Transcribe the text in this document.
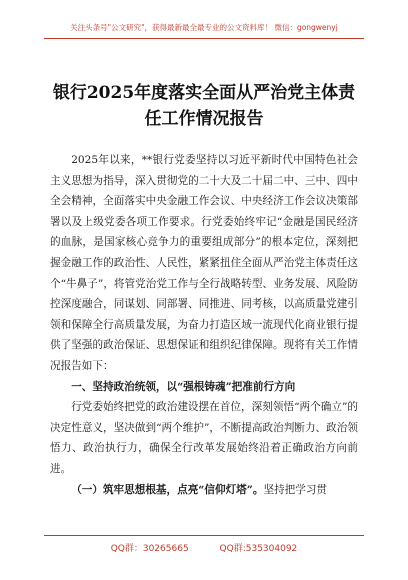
关注头条号"公文研究"，获得最新最全最专业的公文资料库！ 微信：gongwenyj
银行2025年度落实全面从严治党主体责任工作情况报告

2025年以来，**银行党委坚持以习近平新时代中国特色社会主义思想为指导，深入贯彻党的二十大及二十届二中、三中、四中全会精神，全面落实中央金融工作会议、中央经济工作会议决策部署以及上级党委各项工作要求。行党委始终牢记“金融是国民经济的血脉，是国家核心竞争力的重要组成部分”的根本定位，深刻把握金融工作的政治性、人民性，紧紧扭住全面从严治党主体责任这个“牛鼻子”，将管党治党工作与全行战略转型、业务发展、风险防控深度融合，同谋划、同部署、同推进、同考核，以高质量党建引领和保障全行高质量发展，为奋力打造区域一流现代化商业银行提供了坚强的政治保证、思想保证和组织纪律保障。现将有关工作情况报告如下：

一、坚持政治统领，以“强根铸魂”把准前行方向

行党委始终把党的政治建设摆在首位，深刻领悟“两个确立”的决定性意义，坚决做到“两个维护”，不断提高政治判断力、政治领悟力、政治执行力，确保全行改革发展始终沿着正确政治方向前进。

（一）筑牢思想根基，点亮“信仰灯塔”。坚持把学习贯

QQ群：30265665	QQ群:535304092
